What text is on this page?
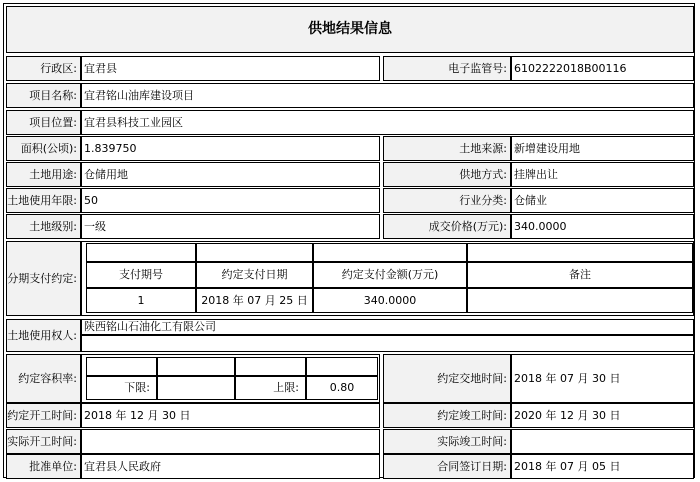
供地结果信息
行政区: 宜君县	电子监管号: 6102222018B00116
项目名称: 宜君铭山油库建设项目
项目位置: 宜君县科技工业园区
面积(公顷): 1.839750	土地来源: 新增建设用地
土地用途: 仓储用地	供地方式: 挂牌出让
土地使用年限: 50	行业分类: 仓储业
土地级别: 一级	成交价格(万元): 340.0000
分期支付约定:	支付期号	约定支付日期	约定支付金额(万元)	备注
1	2018 年 07 月 25 日	340.0000
土地使用权人:
陕西铭山石油化工有限公司
约定容积率:
下限:	上限:	0.80
约定交地时间: 2018 年 07 月 30 日
约定开工时间: 2018 年 12 月 30 日	约定竣工时间: 2020 年 12 月 30 日
实际开工时间:	实际竣工时间:
批准单位: 宜君县人民政府	合同签订日期: 2018 年 07 月 05 日
